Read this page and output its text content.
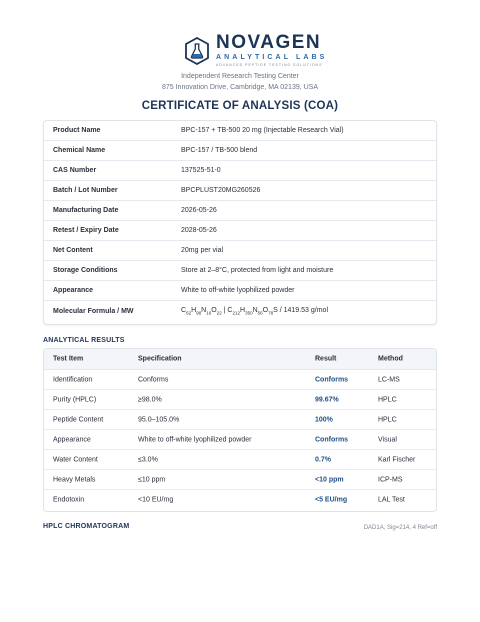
NOVAGEN
ANALYTICAL LABS
ADVANCED PEPTIDE TESTING SOLUTIONS
Independent Research Testing Center
875 Innovation Drive, Cambridge, MA 02139, USA
CERTIFICATE OF ANALYSIS (COA)
Product Name	BPC-157 + TB-500 20 mg (Injectable Research Vial)
Chemical Name	BPC-157 / TB-500 blend
CAS Number	137525-51-0
Batch / Lot Number	BPCPLUST20MG260526
Manufacturing Date	2026-05-26
Retest / Expiry Date	2028-05-26
Net Content	20mg per vial
Storage Conditions	Store at 2–8°C, protected from light and moisture
Appearance	White to off-white lyophilized powder
Molecular Formula / MW	$C_{62}H_{98}N_{16}O_{22}$ | $C_{212}H_{350}N_{56}O_{78}S / 1419.53$ g/mol
ANALYTICAL RESULTS
Test Item	Specification	Result	Method
Identification	Conforms	Conforms	LC-MS
Purity (HPLC)	≥98.0%	99.67%	HPLC
Peptide Content	95.0–105.0%	100%	HPLC
Appearance	White to off-white lyophilized powder	Conforms	Visual
Water Content	≤3.0%	0.7%	Karl Fischer
Heavy Metals	≤10 ppm	<10 ppm	ICP-MS
Endotoxin	<10 EU/mg	<5 EU/mg	LAL Test
HPLC CHROMATOGRAM	DAD1A, Sig=214, 4 Ref=off
